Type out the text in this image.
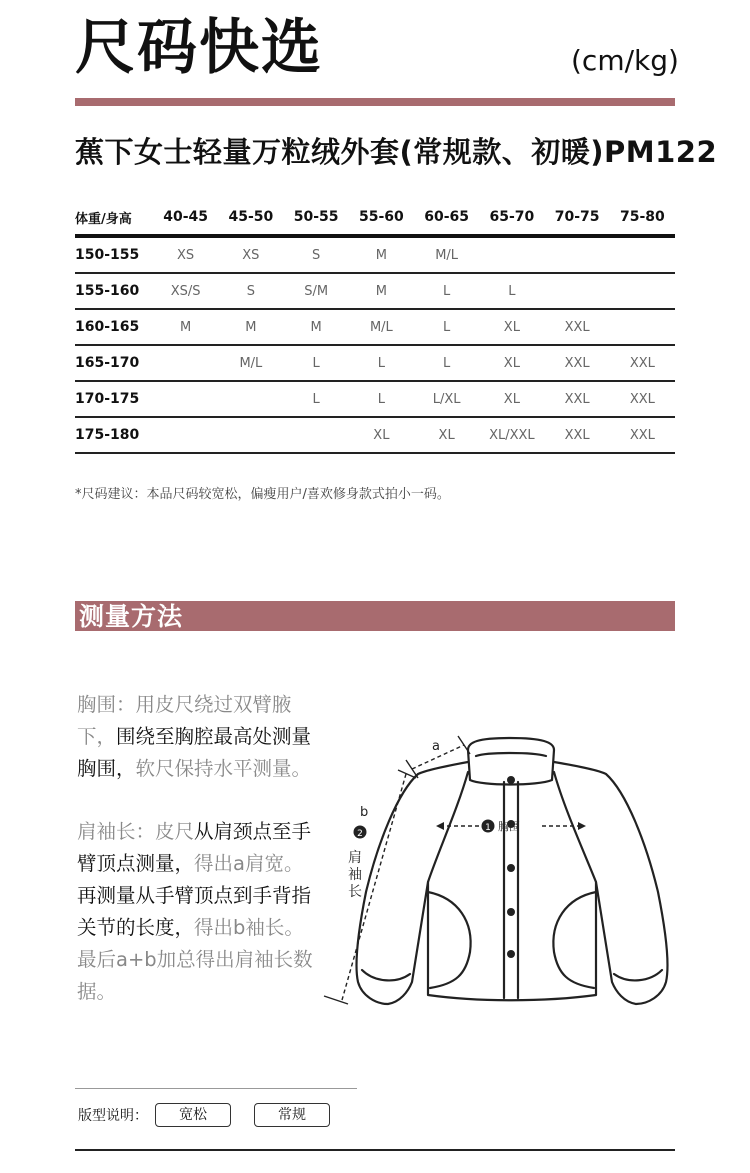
尺码快选	(cm/kg)
蕉下女士轻量万粒绒外套(常规款、初暖)PM122
体重/身高	40-45	45-50	50-55	55-60	60-65	65-70	70-75	75-80
150-155	XS	XS	S	M	M/L			
155-160	XS/S	S	S/M	M	L	L		
160-165	M	M	M	M/L	L	XL	XXL	
165-170		M/L	L	L	L	XL	XXL	XXL
170-175			L	L	L/XL	XL	XXL	XXL
175-180				XL	XL	XL/XXL	XXL	XXL
*尺码建议：本品尺码较宽松，偏瘦用户/喜欢修身款式拍小一码。
测量方法

胸围：用皮尺绕过双臂腋

下，围绕至胸腔最高处测量

胸围，软尺保持水平测量。

肩袖长：皮尺从肩颈点至手

臂顶点测量，得出a肩宽。

再测量从手臂顶点到手背指

关节的长度，得出b袖长。

最后a+b加总得出肩袖长数

据。

a
b
2
肩
袖
长
1 胸围
版型说明：	宽松	常规
